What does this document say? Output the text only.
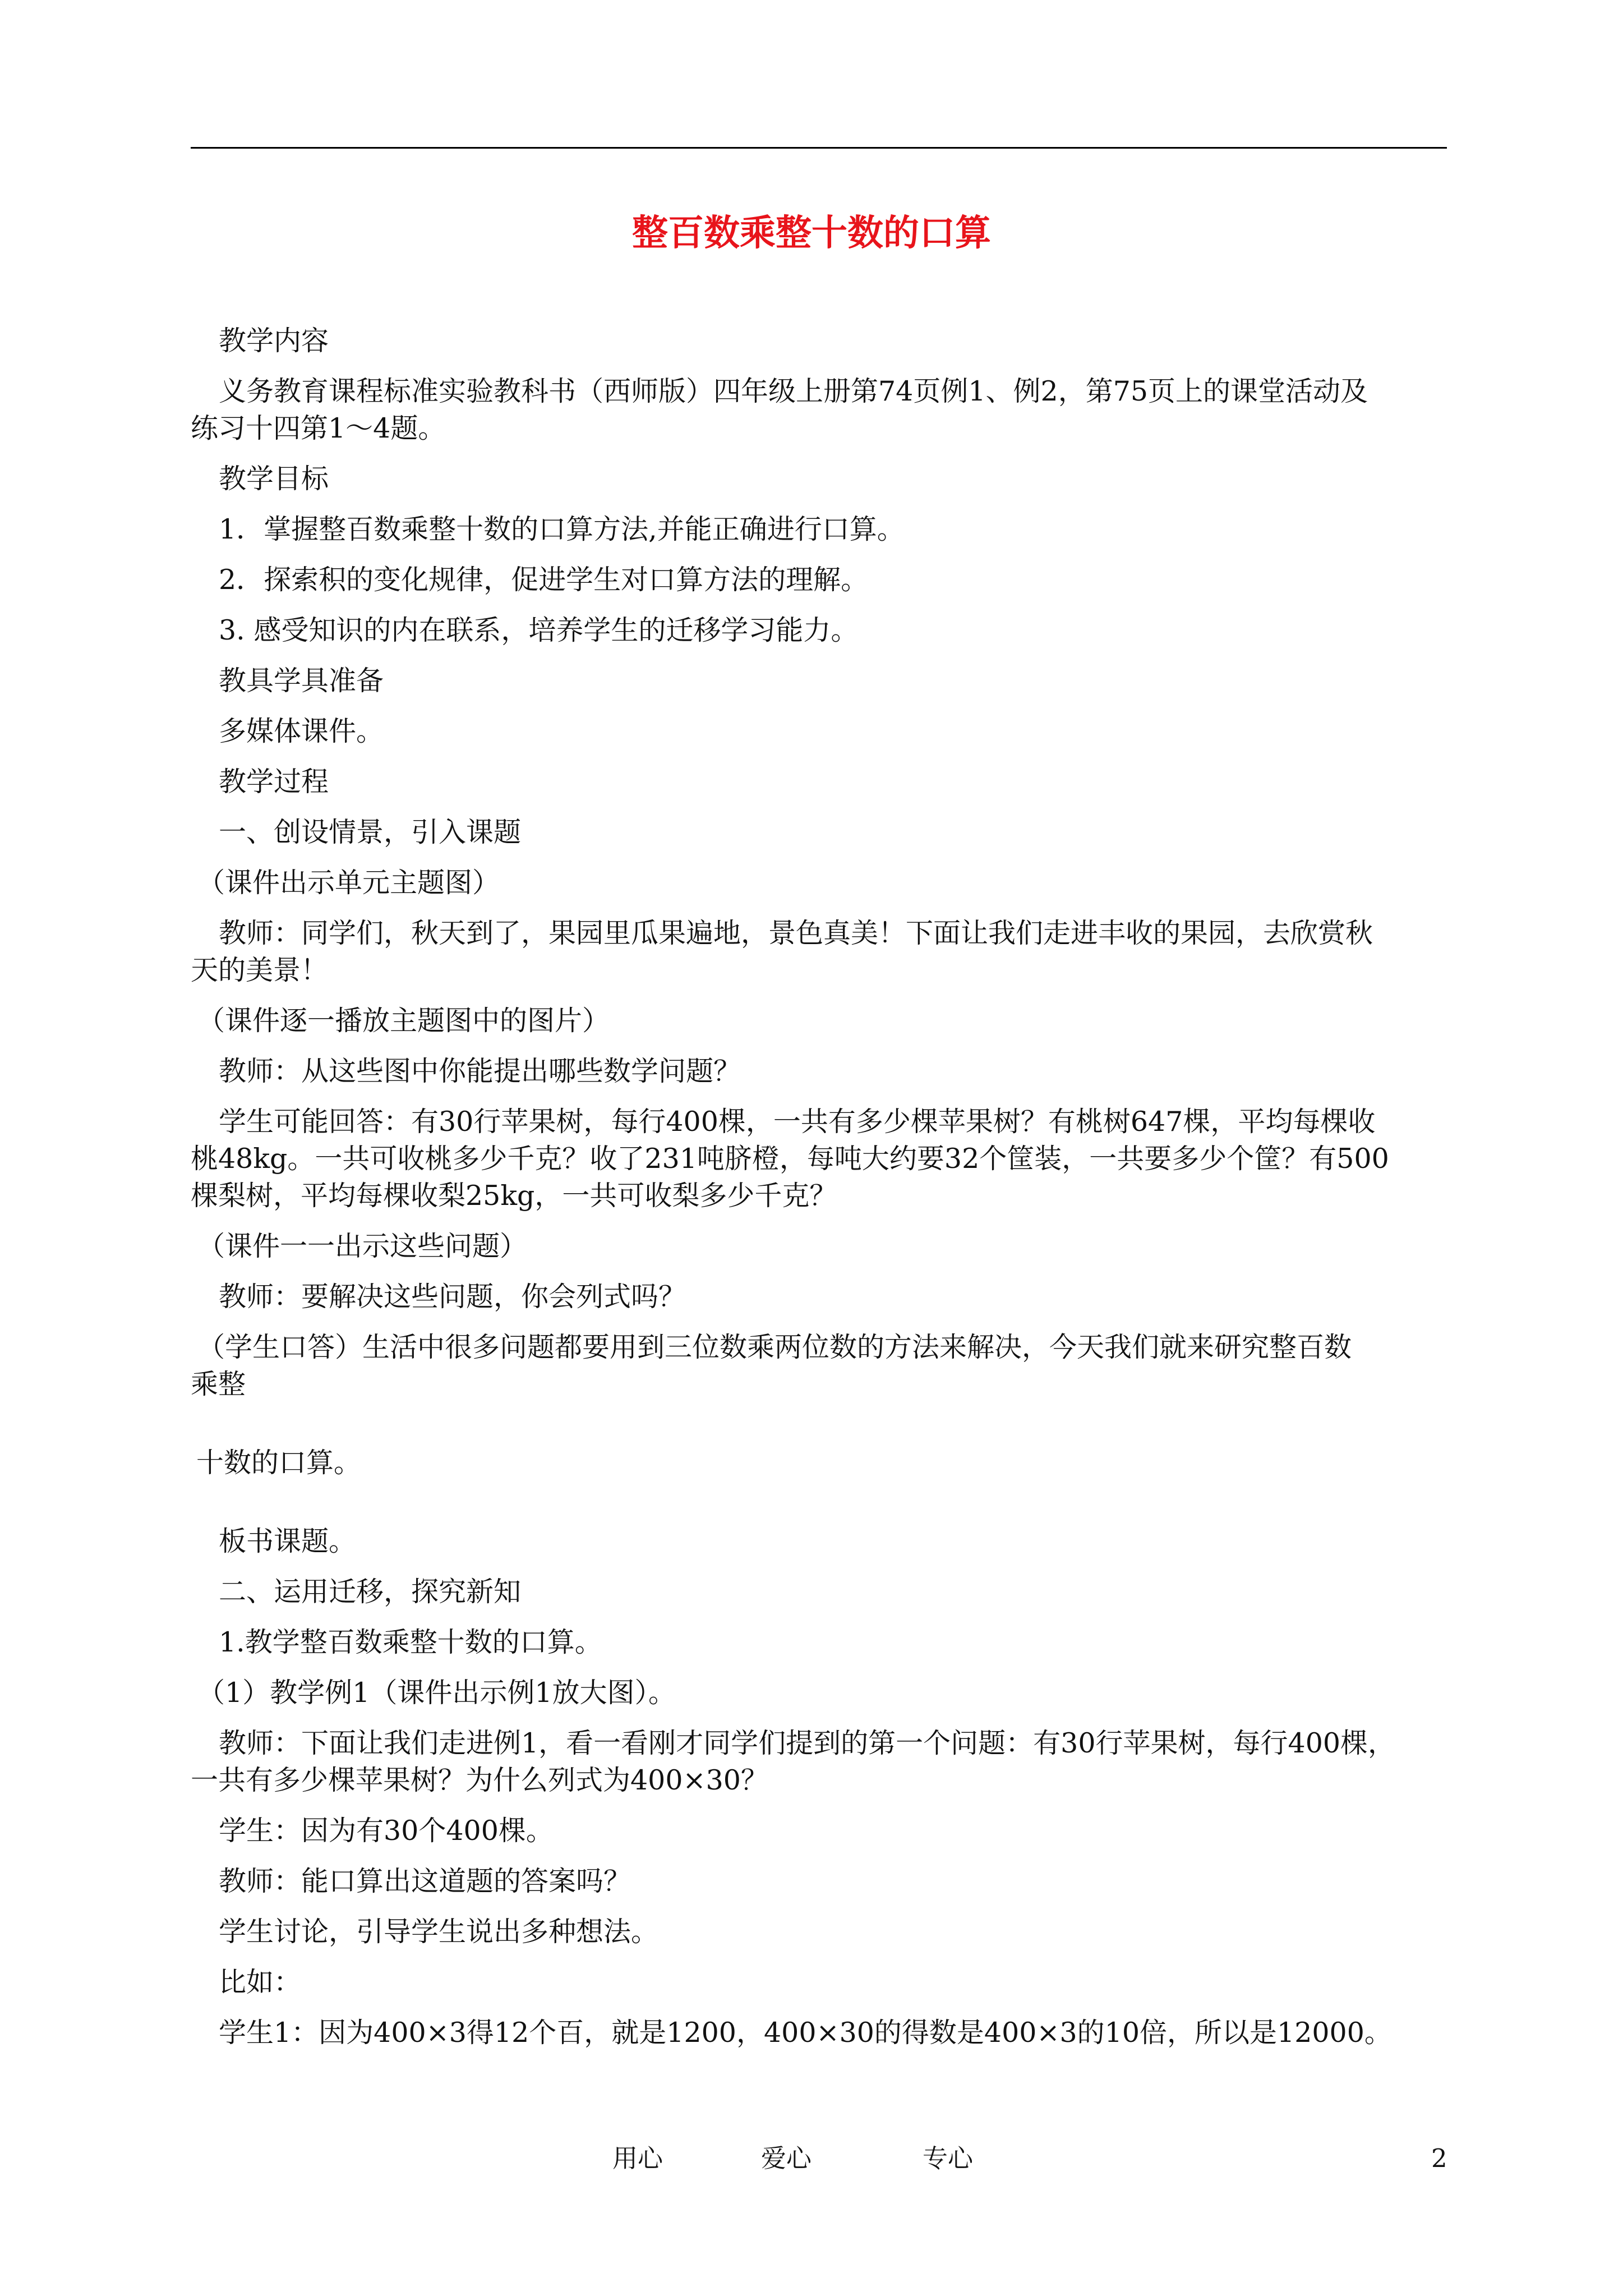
整百数乘整十数的口算
教学内容
义务教育课程标准实验教科书（西师版）四年级上册第74页例1、例2，第75页上的课堂活动及
练习十四第1～4题。
教学目标
1．掌握整百数乘整十数的口算方法,并能正确进行口算。
2．探索积的变化规律，促进学生对口算方法的理解。
3. 感受知识的内在联系，培养学生的迁移学习能力。
教具学具准备
多媒体课件。
教学过程
一、创设情景，引入课题
（课件出示单元主题图）
教师：同学们，秋天到了，果园里瓜果遍地，景色真美！下面让我们走进丰收的果园，去欣赏秋
天的美景！
（课件逐一播放主题图中的图片）
教师：从这些图中你能提出哪些数学问题？
学生可能回答：有30行苹果树，每行400棵，一共有多少棵苹果树？有桃树647棵，平均每棵收
桃48kg。一共可收桃多少千克？收了231吨脐橙，每吨大约要32个筐装，一共要多少个筐？有500
棵梨树，平均每棵收梨25kg，一共可收梨多少千克？
（课件一一出示这些问题）
教师：要解决这些问题，你会列式吗？
（学生口答）生活中很多问题都要用到三位数乘两位数的方法来解决，今天我们就来研究整百数
乘整
十数的口算。
板书课题。
二、运用迁移，探究新知
1.教学整百数乘整十数的口算。
（1）教学例1（课件出示例1放大图）。
教师：下面让我们走进例1，看一看刚才同学们提到的第一个问题：有30行苹果树，每行400棵，
一共有多少棵苹果树？为什么列式为400×30？
学生：因为有30个400棵。
教师：能口算出这道题的答案吗？
学生讨论，引导学生说出多种想法。
比如：
学生1：因为400×3得12个百，就是1200，400×30的得数是400×3的10倍，所以是12000。
用心	爱心	专心	2
